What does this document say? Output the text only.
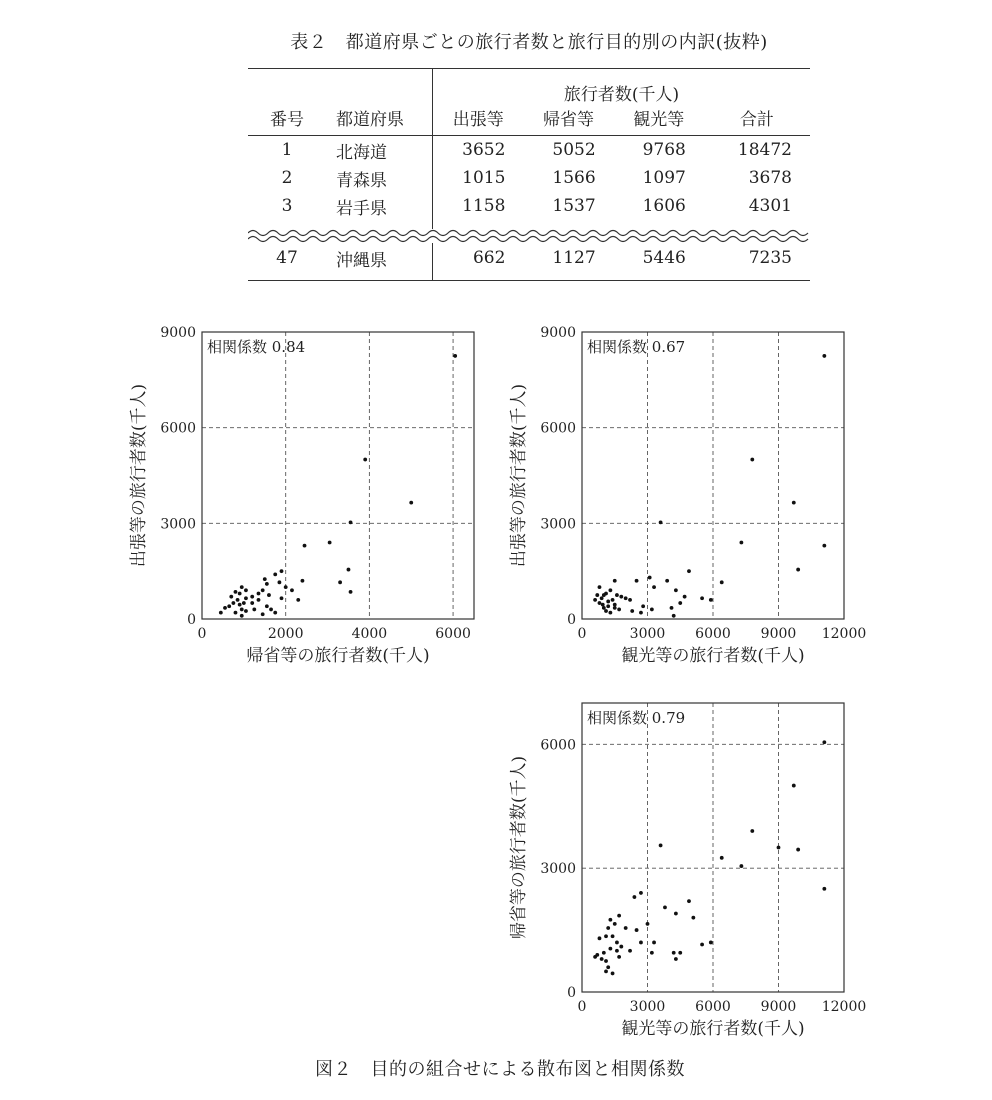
表２　都道府県ごとの旅行者数と旅行目的別の内訳(抜粋)
		旅行者数(千人)			
番号	都道府県	出張等	帰省等	観光等	合計
1	北海道	3652	5052	9768	18472
2	青森県	1015	1566	1097	3678
3	岩手県	1158	1537	1606	4301

47	沖縄県	662	1127	5446	7235
0	2000	4000	6000
0
3000
6000
9000
帰省等の旅行者数(千人)
出張等の旅行者数(千人)
相関係数 0.84
0	3000 6000 9000 12000
0
3000
6000
9000
観光等の旅行者数(千人)
出張等の旅行者数(千人)
相関係数 0.67
0	3000 6000 9000 12000
0
3000
6000
観光等の旅行者数(千人)
帰省等の旅行者数(千人)
相関係数 0.79
図２　目的の組合せによる散布図と相関係数
